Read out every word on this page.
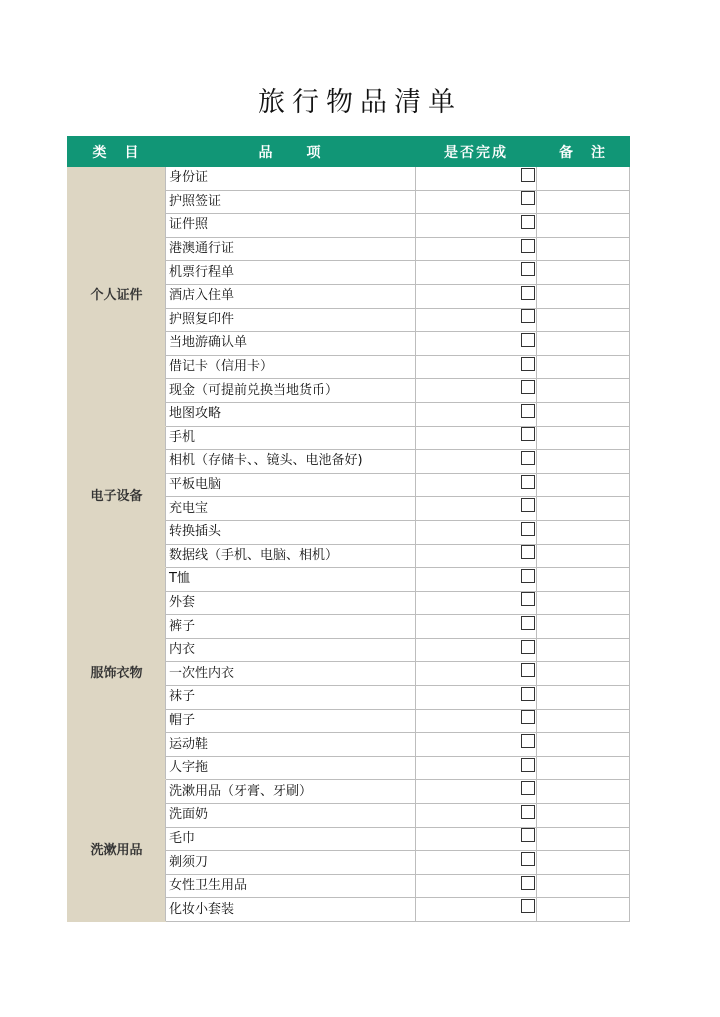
旅行物品清单
类　目	品　　项	是否完成	备　注
个人证件	身份证		
	护照签证		
	证件照		
	港澳通行证		
	机票行程单		
	酒店入住单		
	护照复印件		
	当地游确认单		
	借记卡（信用卡）		
	现金（可提前兑换当地货币）		
	地图攻略		
电子设备	手机		
	相机（存储卡、、镜头、电池备好)		
	平板电脑		
	充电宝		
	转换插头		
	数据线（手机、电脑、相机）		
服饰衣物	T恤		
	外套		
	裤子		
	内衣		
	一次性内衣		
	袜子		
	帽子		
	运动鞋		
	人字拖		
洗漱用品	洗漱用品（牙膏、牙刷）		
	洗面奶		
	毛巾		
	剃须刀		
	女性卫生用品		
	化妆小套装		
